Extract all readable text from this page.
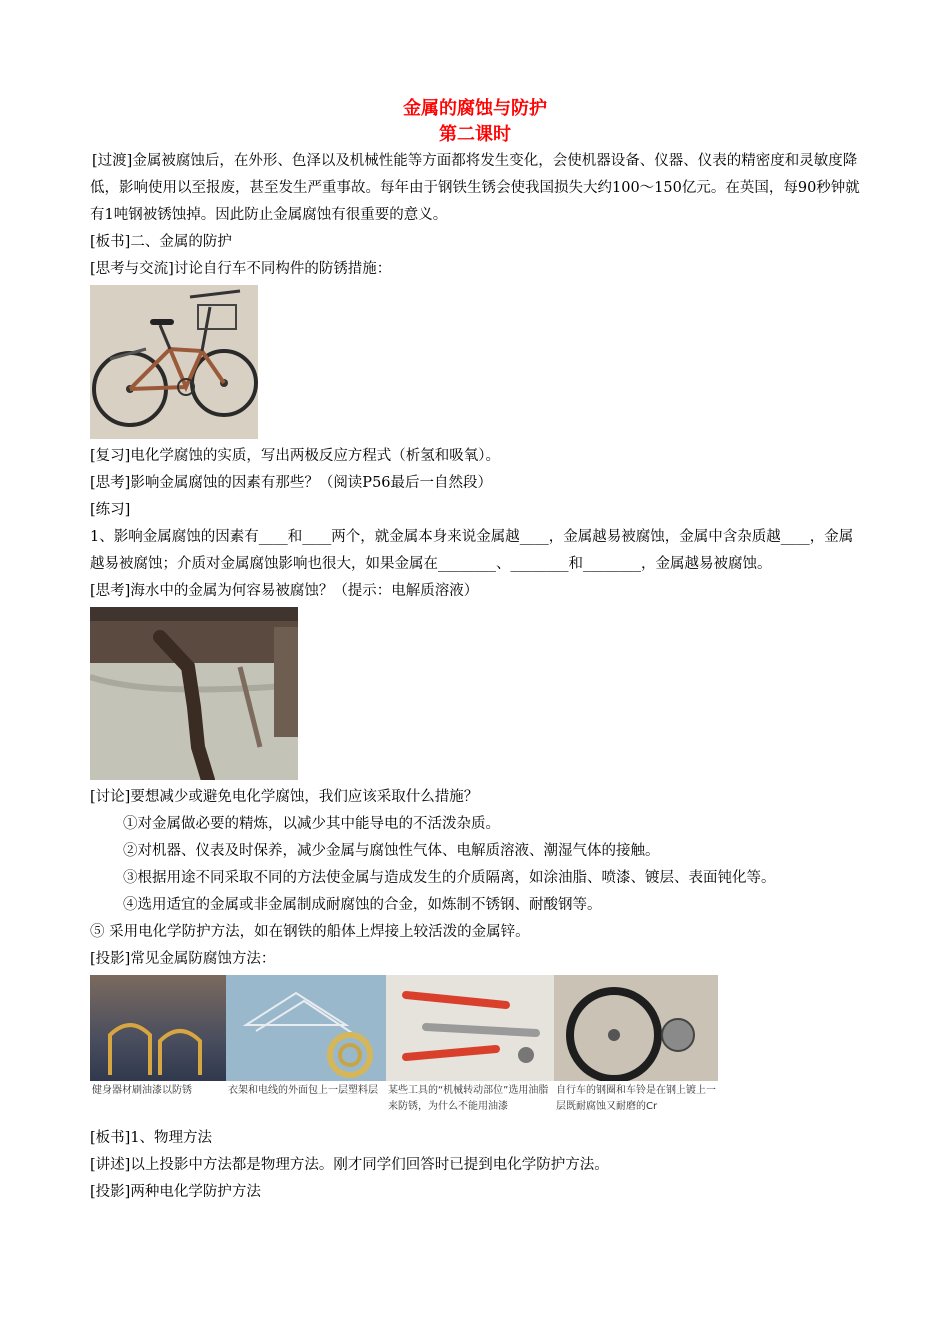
金属的腐蚀与防护
第二课时

[过渡]金属被腐蚀后，在外形、色泽以及机械性能等方面都将发生变化，会使机器设备、仪器、仪表的精密度和灵敏度降低，影响使用以至报废，甚至发生严重事故。每年由于钢铁生锈会使我国损失大约100～150亿元。在英国，每90秒钟就有1吨钢被锈蚀掉。因此防止金属腐蚀有很重要的意义。

[板书]二、金属的防护

[思考与交流]讨论自行车不同构件的防锈措施：

[复习]电化学腐蚀的实质，写出两极反应方程式（析氢和吸氧）。

[思考]影响金属腐蚀的因素有那些？（阅读P56最后一自然段）

[练习]

1、影响金属腐蚀的因素有____和____两个，就金属本身来说金属越____，金属越易被腐蚀，金属中含杂质越____，金属越易被腐蚀；介质对金属腐蚀影响也很大，如果金属在________、________和________，金属越易被腐蚀。

[思考]海水中的金属为何容易被腐蚀？（提示：电解质溶液）

[讨论]要想减少或避免电化学腐蚀，我们应该采取什么措施？

①对金属做必要的精炼，以减少其中能导电的不活泼杂质。

②对机器、仪表及时保养，减少金属与腐蚀性气体、电解质溶液、潮湿气体的接触。

③根据用途不同采取不同的方法使金属与造成发生的介质隔离，如涂油脂、喷漆、镀层、表面钝化等。

④选用适宜的金属或非金属制成耐腐蚀的合金，如炼制不锈钢、耐酸钢等。

⑤ 采用电化学防护方法，如在钢铁的船体上焊接上较活泼的金属锌。

[投影]常见金属防腐蚀方法：

健身器材刷油漆以防锈	衣架和电线的外面包上一层塑料层	某些工具的“机械转动部位”选用油脂来防锈，为什么不能用油漆
自行车的钢圈和车铃是在钢上镀上一层既耐腐蚀又耐磨的Cr

[板书]1、物理方法

[讲述]以上投影中方法都是物理方法。刚才同学们回答时已提到电化学防护方法。

[投影]两种电化学防护方法
